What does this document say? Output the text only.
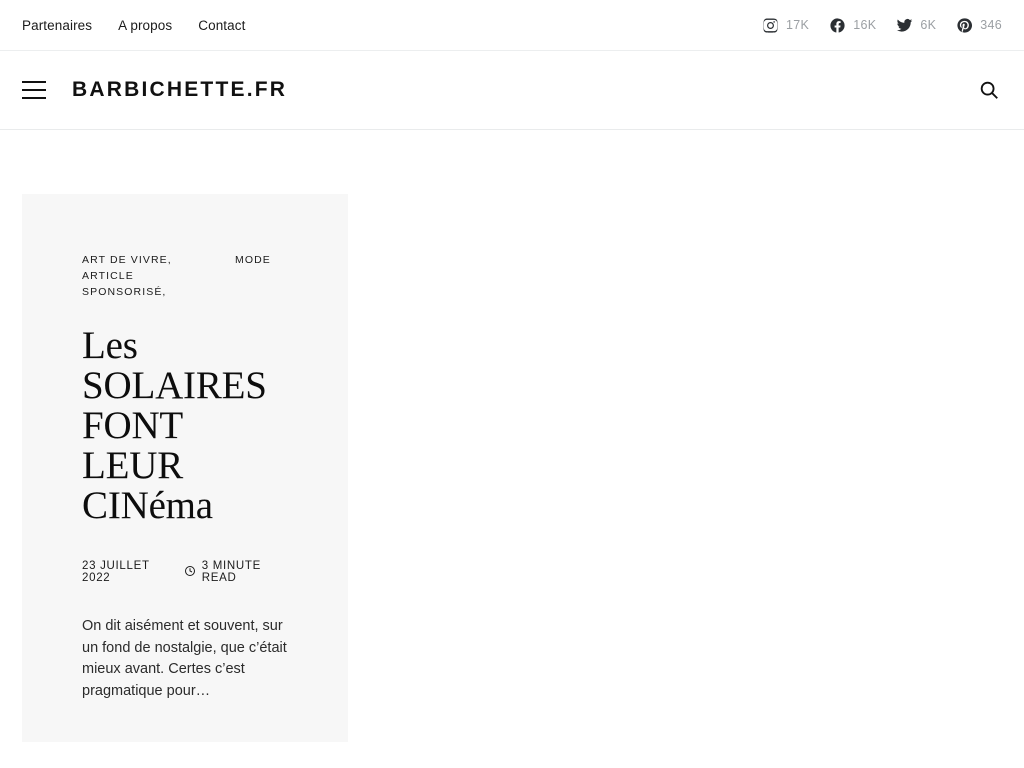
Partenaires A propos Contact	17K	16K	6K	346
BARBICHETTE.FR
ART DE VIVRE, ARTICLE SPONSORISÉ,
MODE
Les SOLAIRES FONT LEUR CINéma
23 JUILLET 2022
3 MINUTE READ

On dit aisément et souvent, sur un fond de nostalgie, que c’était mieux avant. Certes c’est pragmatique pour…
